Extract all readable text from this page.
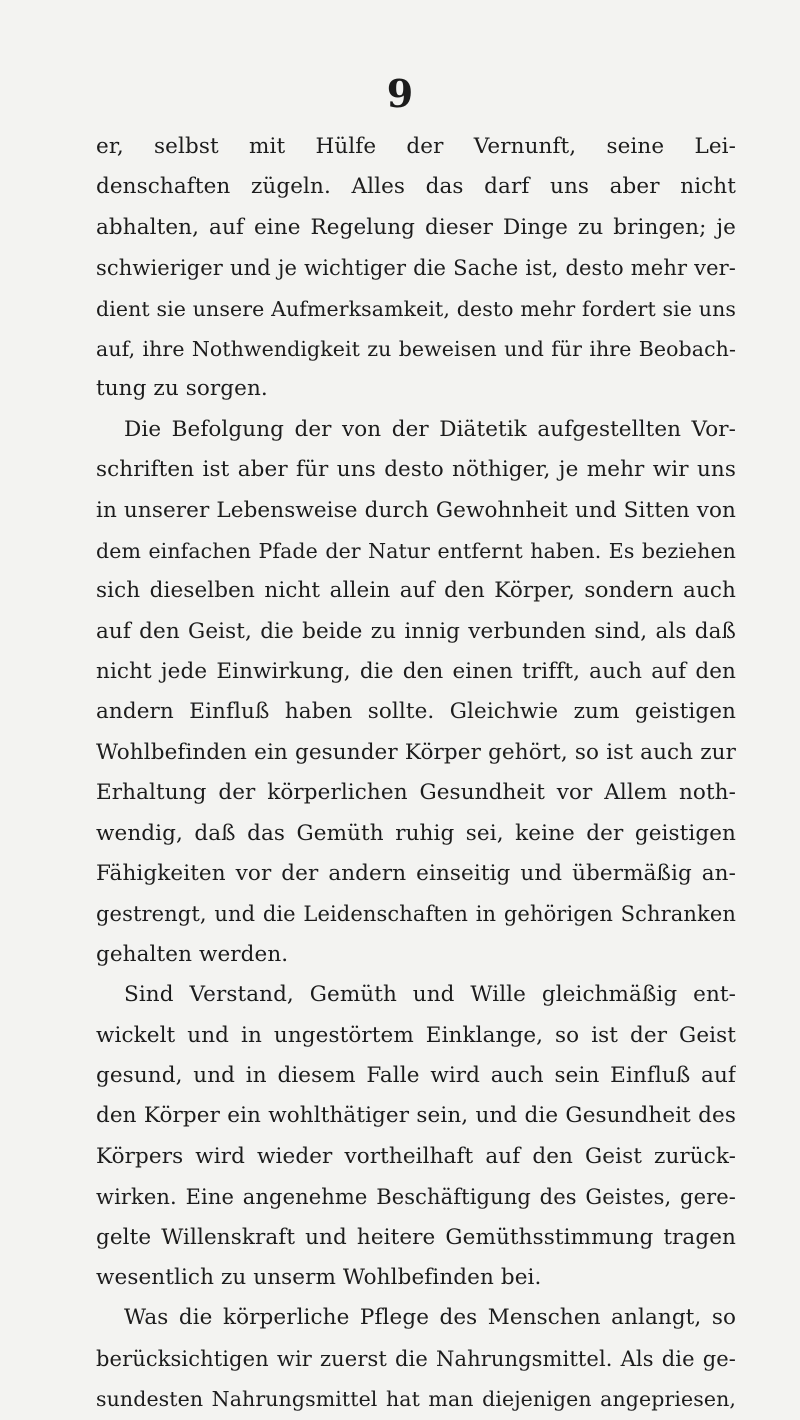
9
er, selbst mit Hülfe der Vernunft, seine Lei-
denschaften zügeln. Alles das darf uns aber nicht
abhalten, auf eine Regelung dieser Dinge zu bringen; je
schwieriger und je wichtiger die Sache ist, desto mehr ver-
dient sie unsere Aufmerksamkeit, desto mehr fordert sie uns
auf, ihre Nothwendigkeit zu beweisen und für ihre Beobach-
tung zu sorgen.
Die Befolgung der von der Diätetik aufgestellten Vor-
schriften ist aber für uns desto nöthiger, je mehr wir uns
in unserer Lebensweise durch Gewohnheit und Sitten von
dem einfachen Pfade der Natur entfernt haben. Es beziehen
sich dieselben nicht allein auf den Körper, sondern auch
auf den Geist, die beide zu innig verbunden sind, als daß
nicht jede Einwirkung, die den einen trifft, auch auf den
andern Einfluß haben sollte. Gleichwie zum geistigen
Wohlbefinden ein gesunder Körper gehört, so ist auch zur
Erhaltung der körperlichen Gesundheit vor Allem noth-
wendig, daß das Gemüth ruhig sei, keine der geistigen
Fähigkeiten vor der andern einseitig und übermäßig an-
gestrengt, und die Leidenschaften in gehörigen Schranken
gehalten werden.
Sind Verstand, Gemüth und Wille gleichmäßig ent-
wickelt und in ungestörtem Einklange, so ist der Geist
gesund, und in diesem Falle wird auch sein Einfluß auf
den Körper ein wohlthätiger sein, und die Gesundheit des
Körpers wird wieder vortheilhaft auf den Geist zurück-
wirken. Eine angenehme Beschäftigung des Geistes, gere-
gelte Willenskraft und heitere Gemüthsstimmung tragen
wesentlich zu unserm Wohlbefinden bei.
Was die körperliche Pflege des Menschen anlangt, so
berücksichtigen wir zuerst die Nahrungsmittel. Als die ge-
sundesten Nahrungsmittel hat man diejenigen angepriesen,
